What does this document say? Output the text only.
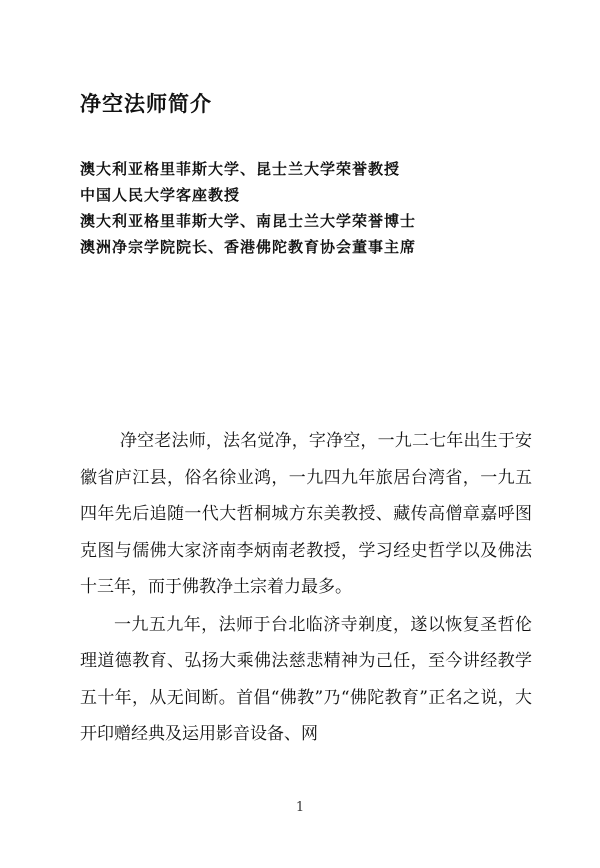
净空法师简介
澳大利亚格里菲斯大学、昆士兰大学荣誉教授
中国人民大学客座教授
澳大利亚格里菲斯大学、南昆士兰大学荣誉博士
澳洲净宗学院院长、香港佛陀教育协会董事主席

净空老法师，法名觉净，字净空，一九二七年出生于安徽省庐江县，俗名徐业鸿，一九四九年旅居台湾省，一九五四年先后追随一代大哲桐城方东美教授、藏传高僧章嘉呼图克图与儒佛大家济南李炳南老教授，学习经史哲学以及佛法十三年，而于佛教净土宗着力最多。

一九五九年，法师于台北临济寺剃度，遂以恢复圣哲伦理道德教育、弘扬大乘佛法慈悲精神为己任，至今讲经教学五十年，从无间断。首倡“佛教”乃“佛陀教育”正名之说，大开印赠经典及运用影音设备、网

1
